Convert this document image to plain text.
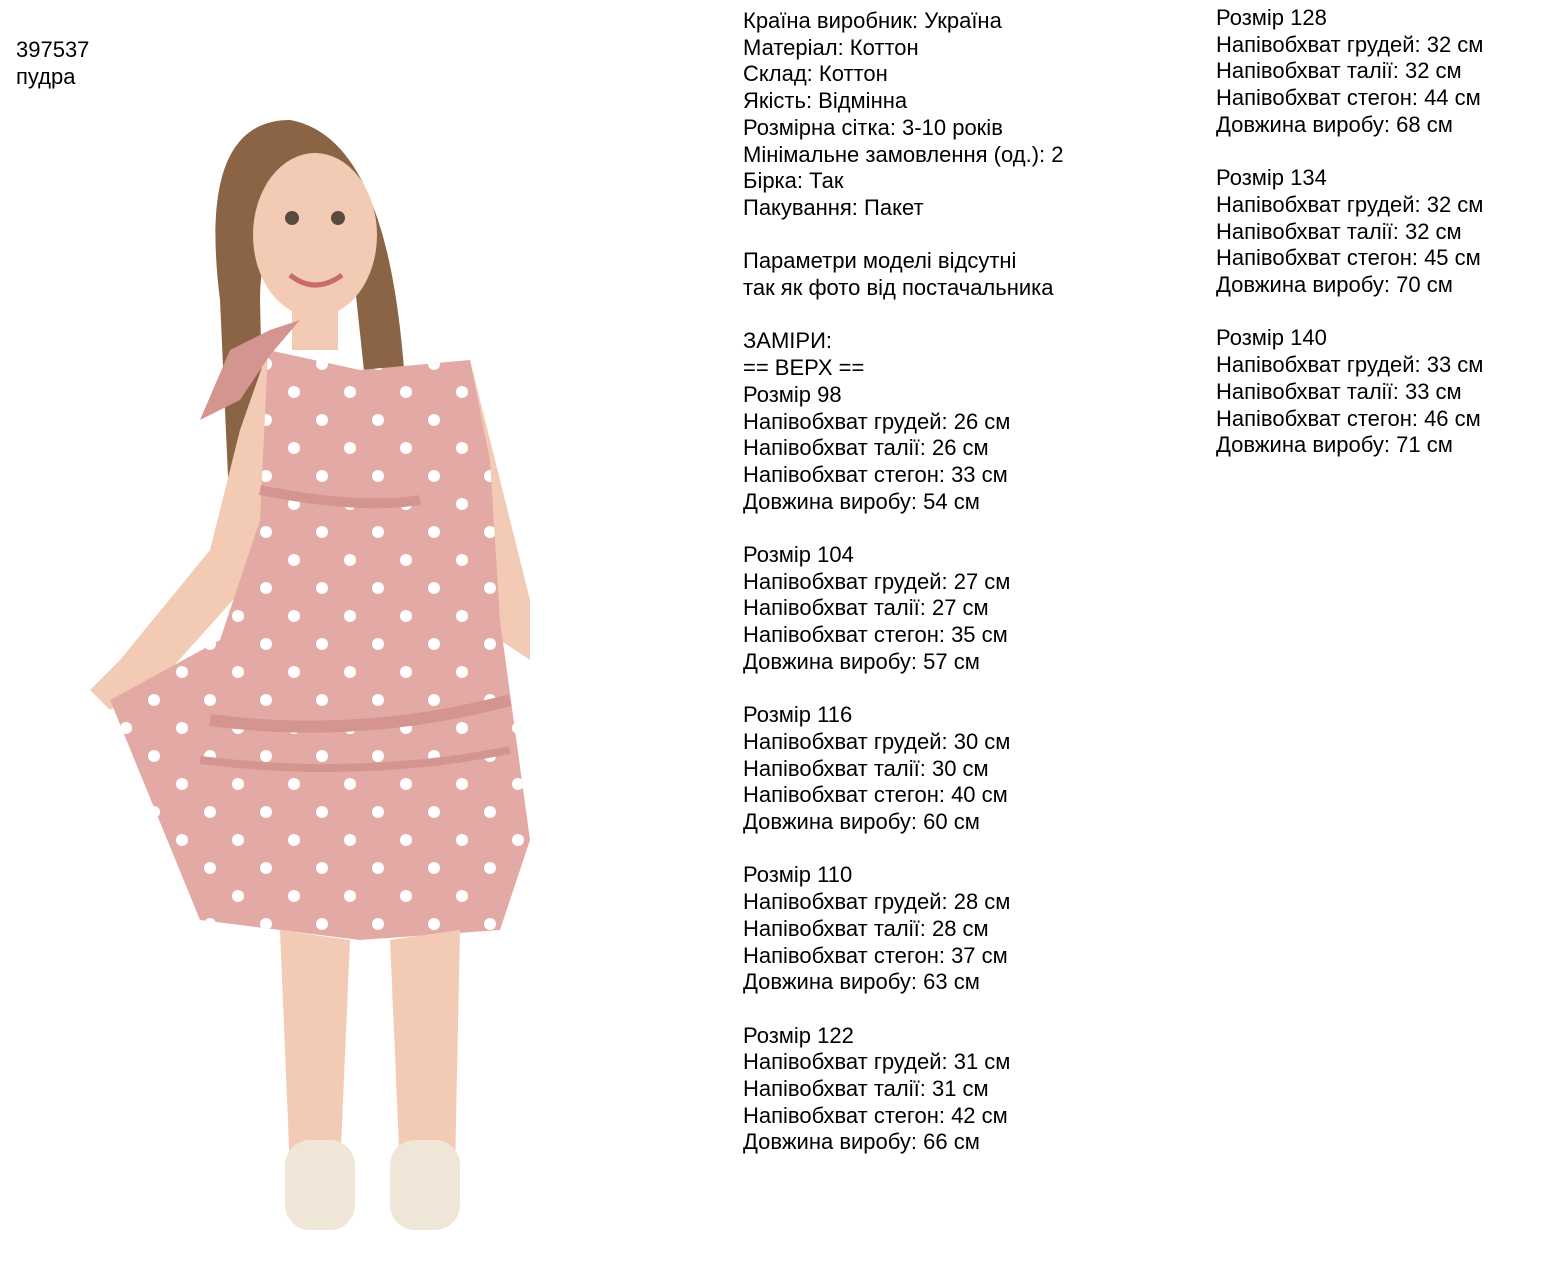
397537
пудра
Країна виробник: Україна
Матеріал: Коттон
Склад: Коттон
Якість: Відмінна
Розмірна сітка: 3-10 років
Мінімальне замовлення (од.): 2
Бірка: Так
Пакування: Пакет
Параметри моделі відсутні
так як фото від постачальника
ЗАМІРИ:
== ВЕРХ ==
Розмір 98
Напівобхват грудей: 26 см
Напівобхват талії: 26 см
Напівобхват стегон: 33 см
Довжина виробу: 54 см
Розмір 104
Напівобхват грудей: 27 см
Напівобхват талії: 27 см
Напівобхват стегон: 35 см
Довжина виробу: 57 см
Розмір 116
Напівобхват грудей: 30 см
Напівобхват талії: 30 см
Напівобхват стегон: 40 см
Довжина виробу: 60 см
Розмір 110
Напівобхват грудей: 28 см
Напівобхват талії: 28 см
Напівобхват стегон: 37 см
Довжина виробу: 63 см
Розмір 122
Напівобхват грудей: 31 см
Напівобхват талії: 31 см
Напівобхват стегон: 42 см
Довжина виробу: 66 см
Розмір 128
Напівобхват грудей: 32 см
Напівобхват талії: 32 см
Напівобхват стегон: 44 см
Довжина виробу: 68 см
Розмір 134
Напівобхват грудей: 32 см
Напівобхват талії: 32 см
Напівобхват стегон: 45 см
Довжина виробу: 70 см
Розмір 140
Напівобхват грудей: 33 см
Напівобхват талії: 33 см
Напівобхват стегон: 46 см
Довжина виробу: 71 см
